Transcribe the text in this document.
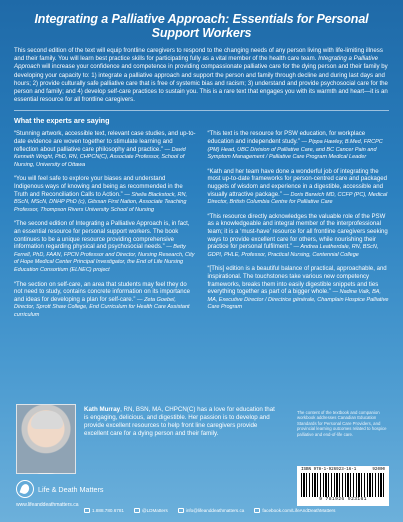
Integrating a Palliative Approach: Essentials for Personal Support Workers

This second edition of the text will equip frontline caregivers to respond to the changing needs of any person living with life-limiting illness and their family. You will learn best practice skills for participating fully as a vital member of the health care team. Integrating a Palliative Approach will increase your confidence and competence in providing compassionate palliative care for the dying person and their family by developing your capacity to: 1) integrate a palliative approach and support the person and family through decline and during last days and hours; 2) provide culturally safe palliative care that is free of systemic bias and racism; 3) understand and provide psychosocial care for the person and family; and 4) develop self-care practices to sustain you. This is a rare text that engages you with its warmth and heart—it is an essential resource for all frontline caregivers.

What the experts are saying
“Stunning artwork, accessible text, relevant case studies, and up-to-date evidence are woven together to stimulate learning and reflection about palliative care philosophy and practice.” — David Kenneth Wright, PhD, RN, CHPCN(C), Associate Professor, School of Nursing, University of Ottawa
“You will feel safe to explore your biases and understand Indigenous ways of knowing and being as recommended in the Truth and Reconciliation Calls to Action.” — Shelia Blackstock, RN, BScN, MScN, DNHP PhD (c), Gitxsan First Nation, Associate Teaching Professor, Thompson Rivers University School of Nursing
“The second edition of Integrating a Palliative Approach is, in fact, an essential resource for personal support workers. The book continues to be a unique resource providing comprehensive information regarding physical and psychosocial needs.” — Betty Ferrell, PhD, FAAN, FPCN Professor and Director, Nursing Research, City of Hope Medical Center Principal Investigator, the End of Life Nursing Education Consortium (ELNEC) project
“The section on self-care, an area that students may feel they do not need to study, contains concrete information on its importance and ideas for developing a plan for self-care.” — Zeta Goebel, Director, Sprott Shaw College, End Curriculum for Health Care Assistant curriculum
“This text is the resource for PSW education, for workplace education and independent study.” — Pippa Hawley, B.Med, FRCPC (PM) Head, UBC Division of Palliative Care, and BC Cancer Pain and Symptom Management / Palliative Care Program Medical Leader
“Kath and her team have done a wonderful job of integrating the most up-to-date frameworks for person-centred care and packaged nuggets of wisdom and experience in a digestible, accessible and visually attractive package.” — Doris Barwich MD, CCFP (PC), Medical Director, British Columbia Centre for Palliative Care
“This resource directly acknowledges the valuable role of the PSW as a knowledgeable and integral member of the interprofessional team; it is a ‘must-have’ resource for all frontline caregivers seeking ways to provide excellent care for others, while nourishing their practice for personal fulfilment.” — Andrea Leatherdale, RN, BScN, GDPI, PHLE, Professor, Practical Nursing, Centennial College
“[This] edition is a beautiful balance of practical, approachable, and inspirational. The touchstones take various new competency frameworks, breaks them into easily digestible snippets and ties everything together as part of a bigger whole.” — Nadine Valk, BA, MA, Executive Director / Directrice générale, Champlain Hospice Palliative Care Program

Kath Murray, RN, BSN, MA, CHPCN(C) has a love for education that is engaging, delicious, and digestible. Her passion is to develop and provide excellent resources to help front line caregivers provide excellent care for a dying person and their family.

The content of the textbook and companion workbook addresses Canadian Education Standards for Personal Care Providers, and provincial learning outcomes related to hospice palliative and end-of-life care.

ISBN 978-1-926923-16-1	92000
9 781926 923161
Life & Death Matters
www.lifeanddeathmatters.ca
1.888.780.6781	@LDMatters	info@lifeanddeathmatters.ca	facebook.com/LifeAndDeathMatters
